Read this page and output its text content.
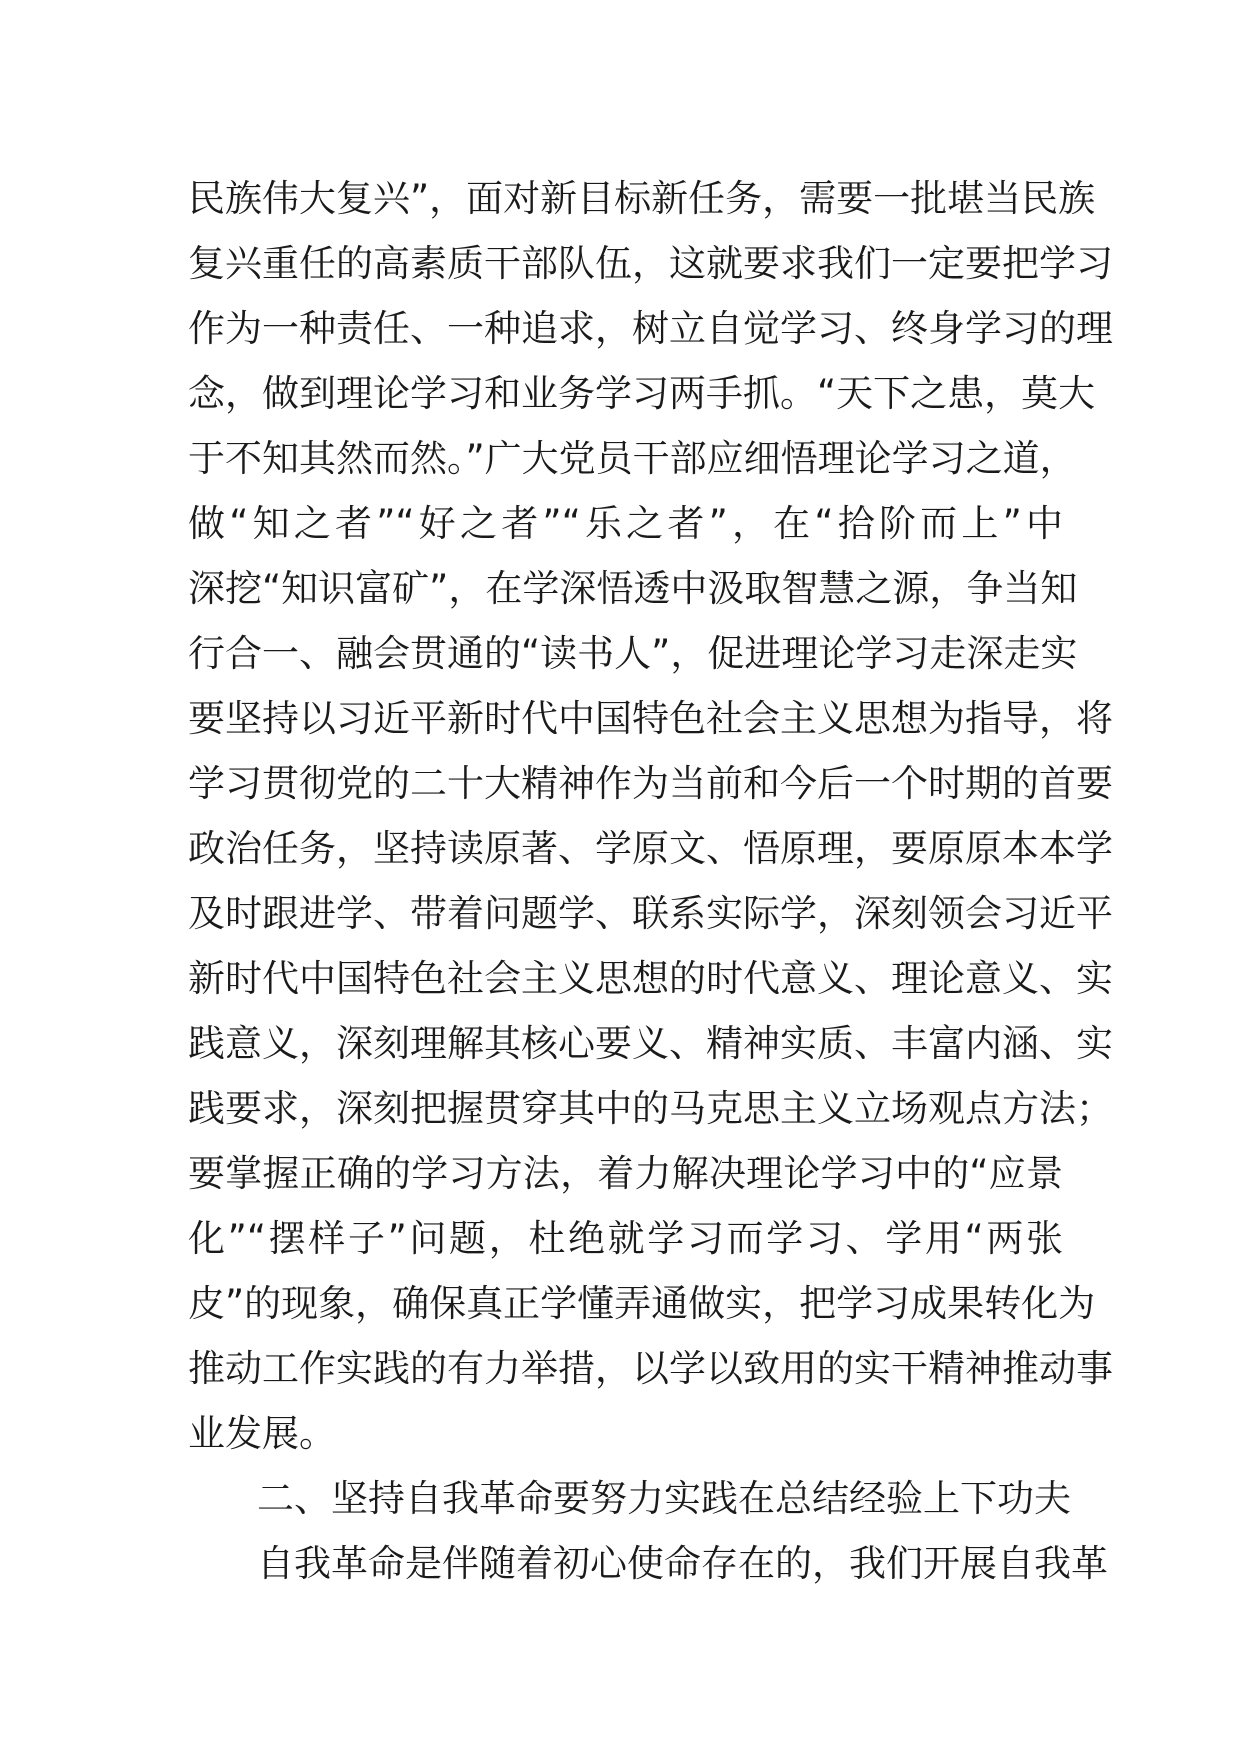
民族伟大复兴”，面对新目标新任务，需要一批堪当民族
复兴重任的高素质干部队伍，这就要求我们一定要把学习
作为一种责任、一种追求，树立自觉学习、终身学习的理
念，做到理论学习和业务学习两手抓。“天下之患，莫大
于不知其然而然。”广大党员干部应细悟理论学习之道，
做“知之者”“好之者”“乐之者”，在“拾阶而上”中
深挖“知识富矿”，在学深悟透中汲取智慧之源，争当知
行合一、融会贯通的“读书人”，促进理论学习走深走实
要坚持以习近平新时代中国特色社会主义思想为指导，将
学习贯彻党的二十大精神作为当前和今后一个时期的首要
政治任务，坚持读原著、学原文、悟原理，要原原本本学
及时跟进学、带着问题学、联系实际学，深刻领会习近平
新时代中国特色社会主义思想的时代意义、理论意义、实
践意义，深刻理解其核心要义、精神实质、丰富内涵、实
践要求，深刻把握贯穿其中的马克思主义立场观点方法；
要掌握正确的学习方法，着力解决理论学习中的“应景
化”“摆样子”问题，杜绝就学习而学习、学用“两张
皮”的现象，确保真正学懂弄通做实，把学习成果转化为
推动工作实践的有力举措，以学以致用的实干精神推动事
业发展。
二、坚持自我革命要努力实践在总结经验上下功夫
自我革命是伴随着初心使命存在的，我们开展自我革
